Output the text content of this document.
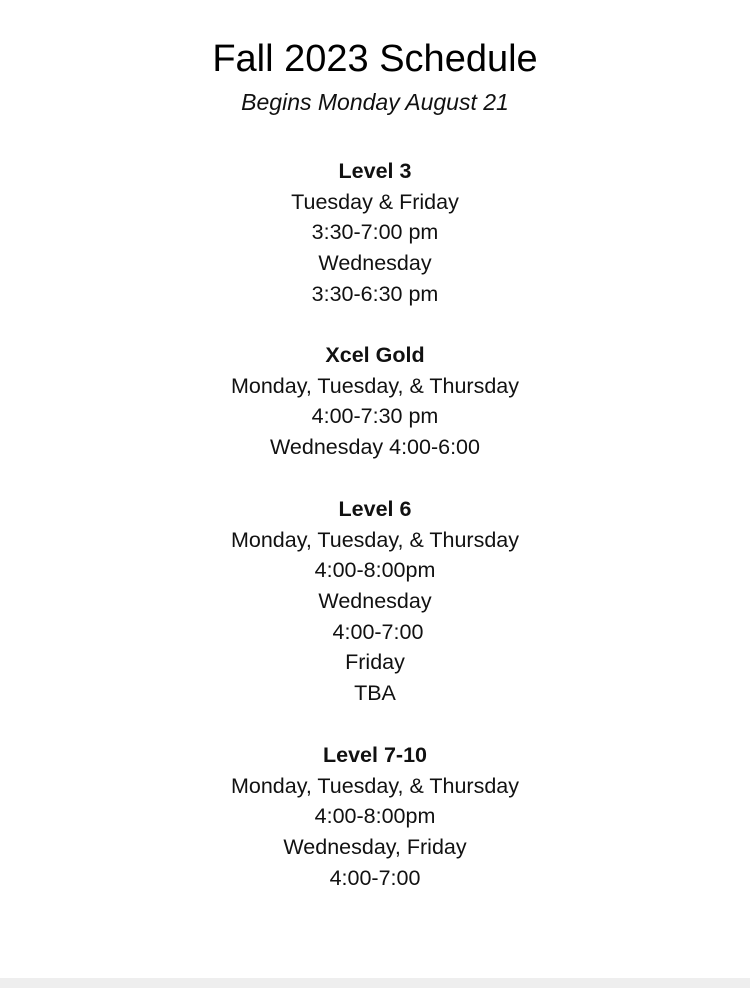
Fall 2023 Schedule
Begins Monday August 21
Level 3
Tuesday & Friday
3:30-7:00 pm
Wednesday
3:30-6:30 pm
Xcel Gold
Monday, Tuesday, & Thursday
4:00-7:30 pm
Wednesday 4:00-6:00
Level 6
Monday, Tuesday, & Thursday
4:00-8:00pm
Wednesday
4:00-7:00
Friday
TBA
Level 7-10
Monday, Tuesday, & Thursday
4:00-8:00pm
Wednesday, Friday
4:00-7:00
